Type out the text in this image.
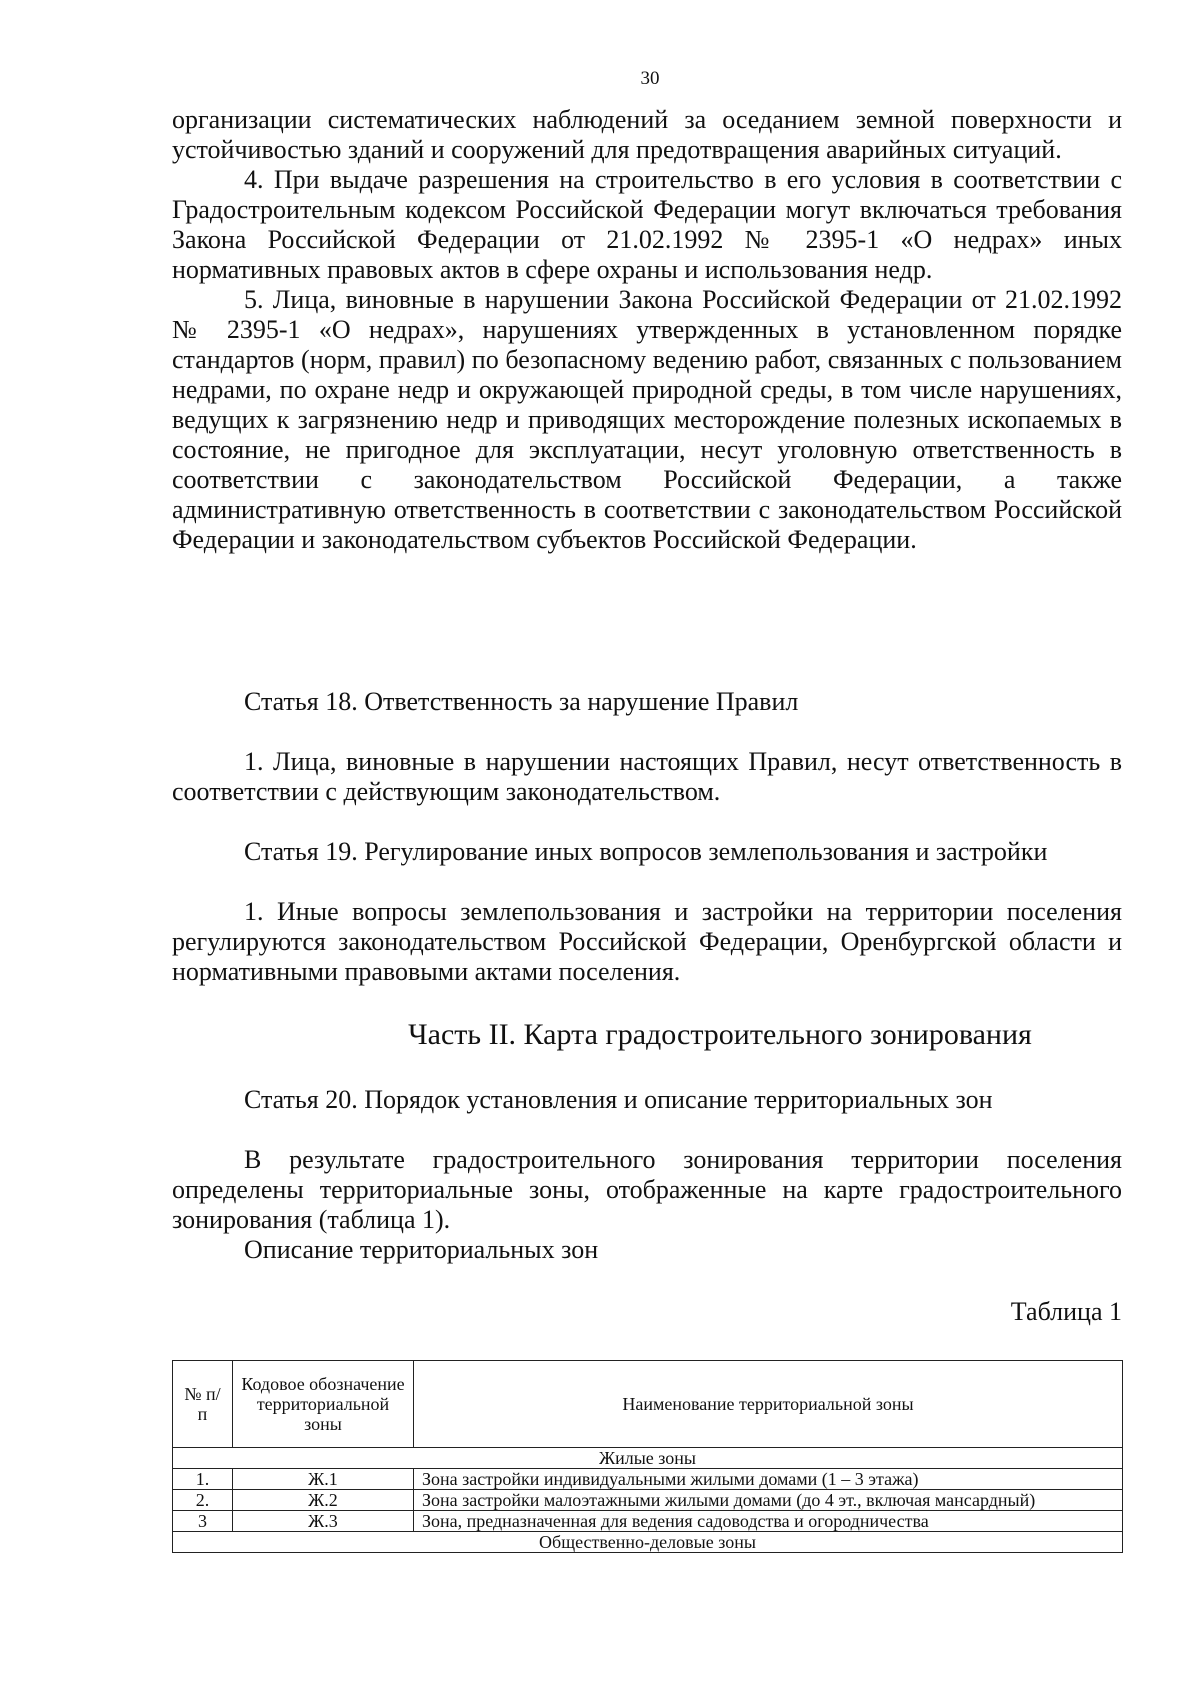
30

организации систематических наблюдений за оседанием земной поверхности и устойчивостью зданий и сооружений для предотвращения аварийных ситуаций.

4. При выдаче разрешения на строительство в его условия в соответствии с Градостроительным кодексом Российской Федерации могут включаться требования Закона Российской Федерации от 21.02.1992 № 2395-1 «О недрах» иных нормативных правовых актов в сфере охраны и использования недр.

5. Лица, виновные в нарушении Закона Российской Федерации от 21.02.1992 № 2395-1 «О недрах», нарушениях утвержденных в установленном порядке стандартов (норм, правил) по безопасному ведению работ, связанных с пользованием недрами, по охране недр и окружающей природной среды, в том числе нарушениях, ведущих к загрязнению недр и приводящих месторождение полезных ископаемых в состояние, не пригодное для эксплуатации, несут уголовную ответственность в соответствии с законодательством Российской Федерации, а также административную ответственность в соответствии с законодательством Российской Федерации и законодательством субъектов Российской Федерации.

Статья 18. Ответственность за нарушение Правил

1. Лица, виновные в нарушении настоящих Правил, несут ответственность в соответствии с действующим законодательством.

Статья 19. Регулирование иных вопросов землепользования и застройки

1. Иные вопросы землепользования и застройки на территории поселения регулируются законодательством Российской Федерации, Оренбургской области и нормативными правовыми актами поселения.

Часть II. Карта градостроительного зонирования
Статья 20. Порядок установления и описание территориальных зон

В результате градостроительного зонирования территории поселения определены территориальные зоны, отображенные на карте градостроительного зонирования (таблица 1).

Описание территориальных зон

Таблица 1
№ п/п	Кодовое обозначение территориальной зоны	Наименование территориальной зоны
Жилые зоны		
1.	Ж.1	Зона застройки индивидуальными жилыми домами (1 – 3 этажа)
2.	Ж.2	Зона застройки малоэтажными жилыми домами (до 4 эт., включая мансардный)
3	Ж.3	Зона, предназначенная для ведения садоводства и огородничества
Общественно-деловые зоны		
